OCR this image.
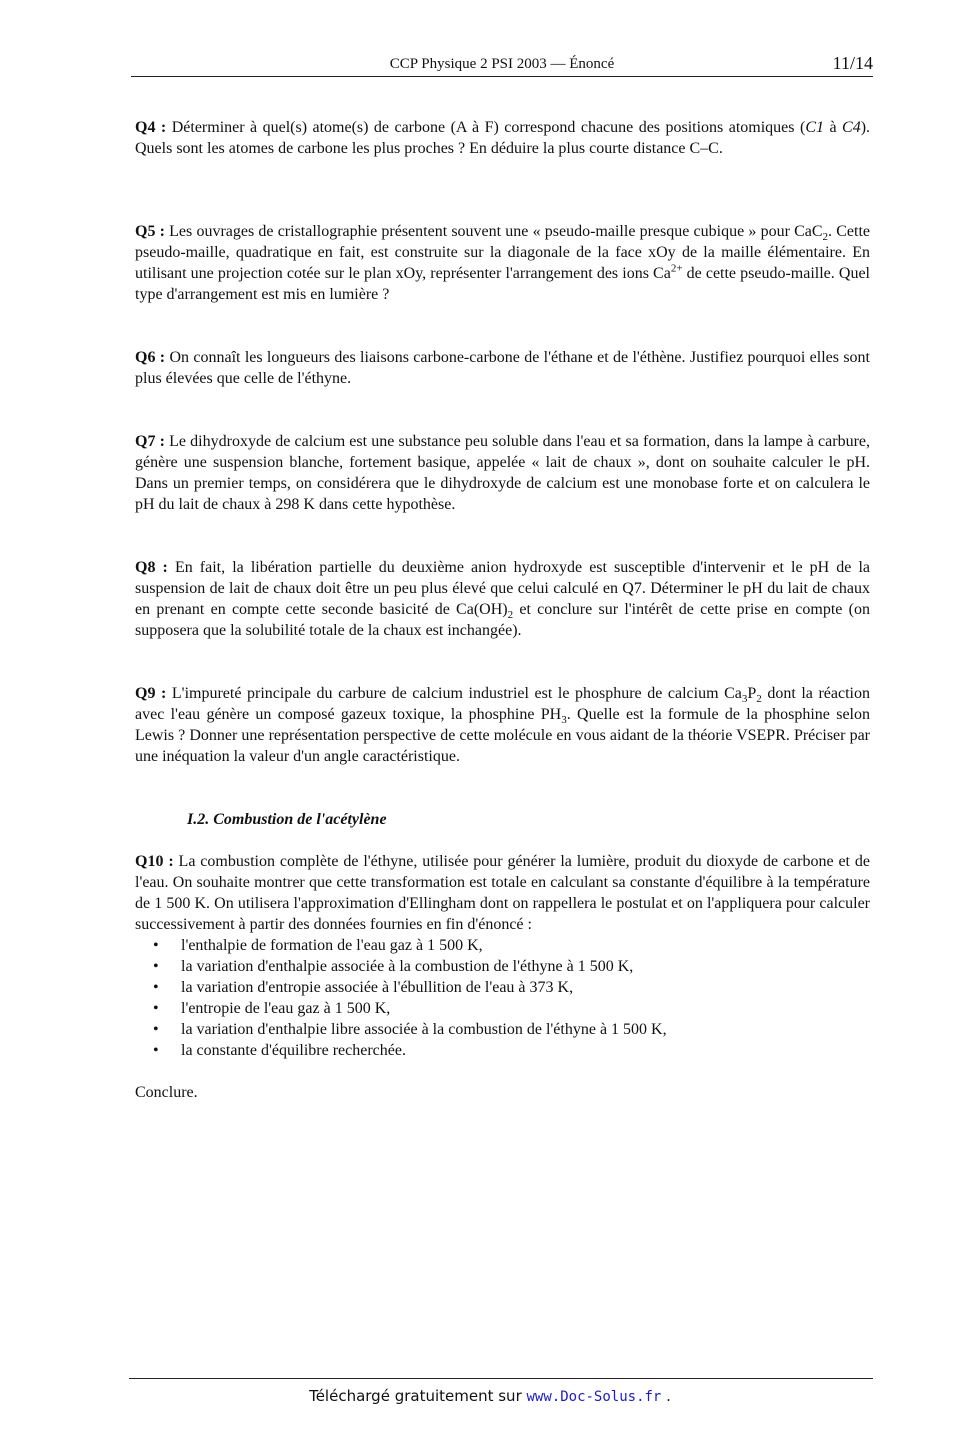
CCP Physique 2 PSI 2003 — Énoncé	11/14

Q4 : Déterminer à quel(s) atome(s) de carbone (A à F) correspond chacune des positions atomiques (C1 à C4). Quels sont les atomes de carbone les plus proches ? En déduire la plus courte distance C–C.

Q5 : Les ouvrages de cristallographie présentent souvent une « pseudo-maille presque cubique » pour CaC$_2$. Cette pseudo-maille, quadratique en fait, est construite sur la diagonale de la face xOy de la maille élémentaire. En utilisant une projection cotée sur le plan xOy, représenter l'arrangement des ions $Ca^{2+}$ de cette pseudo-maille. Quel type d'arrangement est mis en lumière ?

Q6 : On connaît les longueurs des liaisons carbone-carbone de l'éthane et de l'éthène. Justifiez pourquoi elles sont plus élevées que celle de l'éthyne.

Q7 : Le dihydroxyde de calcium est une substance peu soluble dans l'eau et sa formation, dans la lampe à carbure, génère une suspension blanche, fortement basique, appelée « lait de chaux », dont on souhaite calculer le pH. Dans un premier temps, on considérera que le dihydroxyde de calcium est une monobase forte et on calculera le pH du lait de chaux à 298 K dans cette hypothèse.

Q8 : En fait, la libération partielle du deuxième anion hydroxyde est susceptible d'intervenir et le pH de la suspension de lait de chaux doit être un peu plus élevé que celui calculé en Q7. Déterminer le pH du lait de chaux en prenant en compte cette seconde basicité de $Ca(OH)_2$ et conclure sur l'intérêt de cette prise en compte (on supposera que la solubilité totale de la chaux est inchangée).

Q9 : L'impureté principale du carbure de calcium industriel est le phosphure de calcium $Ca_3P_2$ dont la réaction avec l'eau génère un composé gazeux toxique, la phosphine $PH_3$. Quelle est la formule de la phosphine selon Lewis ? Donner une représentation perspective de cette molécule en vous aidant de la théorie VSEPR. Préciser par une inéquation la valeur d'un angle caractéristique.

I.2. Combustion de l'acétylène

Q10 : La combustion complète de l'éthyne, utilisée pour générer la lumière, produit du dioxyde de carbone et de l'eau. On souhaite montrer que cette transformation est totale en calculant sa constante d'équilibre à la température de 1 500 K. On utilisera l'approximation d'Ellingham dont on rappellera le postulat et on l'appliquera pour calculer successivement à partir des données fournies en fin d'énoncé :

• l'enthalpie de formation de l'eau gaz à 1 500 K,
• la variation d'enthalpie associée à la combustion de l'éthyne à 1 500 K,
• la variation d'entropie associée à l'ébullition de l'eau à 373 K,
• l'entropie de l'eau gaz à 1 500 K,
• la variation d'enthalpie libre associée à la combustion de l'éthyne à 1 500 K,
• la constante d'équilibre recherchée.

Conclure.

Téléchargé gratuitement sur www.Doc-Solus.fr .
